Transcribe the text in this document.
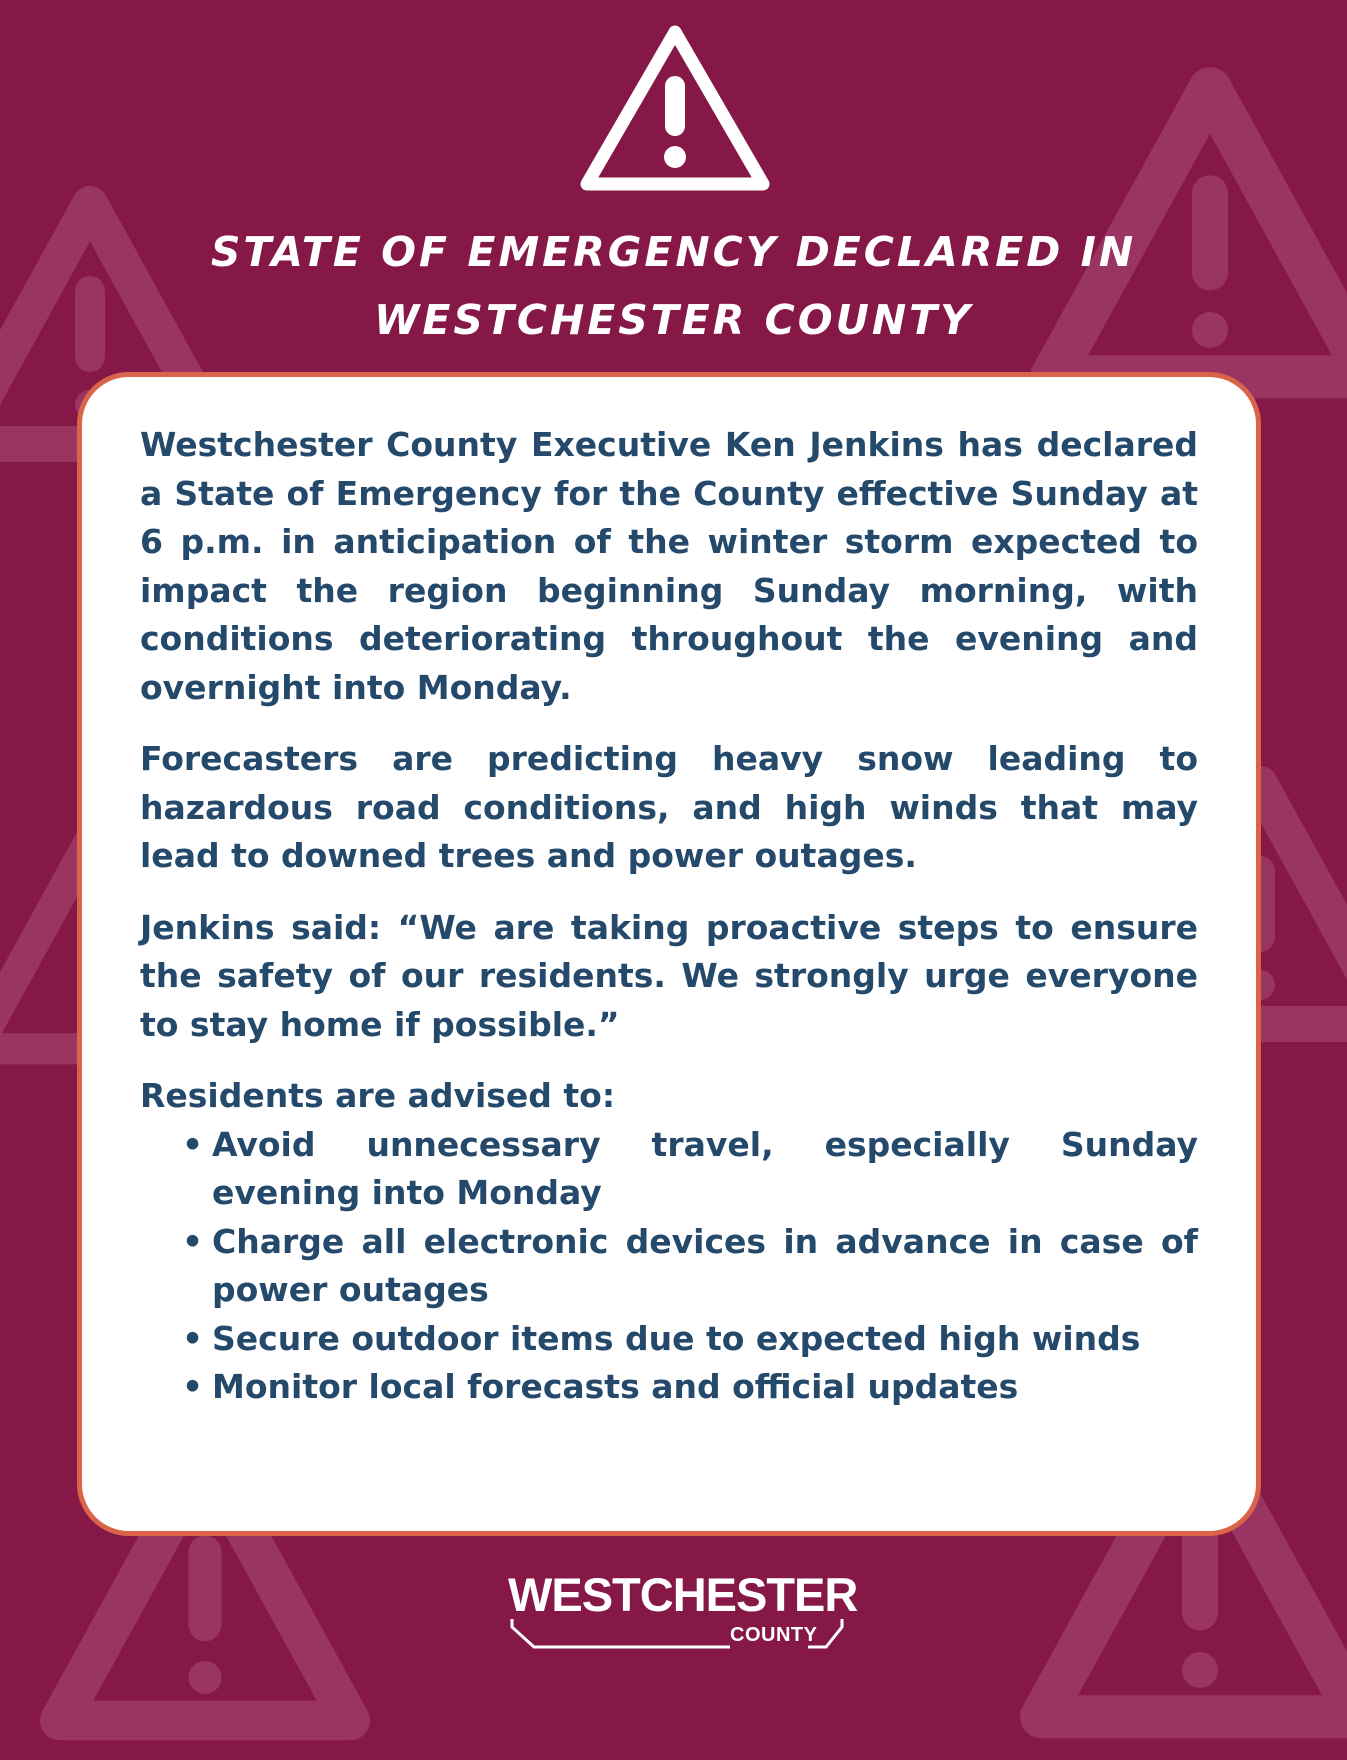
STATE OF EMERGENCY DECLARED IN
WESTCHESTER COUNTY

Westchester County Executive Ken Jenkins has declared a State of Emergency for the County effective Sunday at 6 p.m. in anticipation of the winter storm expected to impact the region beginning Sunday morning, with conditions deteriorating throughout the evening and overnight into Monday.

Forecasters are predicting heavy snow leading to hazardous road conditions, and high winds that may lead to downed trees and power outages.

Jenkins said: “We are taking proactive steps to ensure the safety of our residents. We strongly urge everyone to stay home if possible.”

Residents are advised to:

• Avoid unnecessary travel, especially Sunday evening into Monday
• Charge all electronic devices in advance in case of power outages
• Secure outdoor items due to expected high winds
• Monitor local forecasts and official updates
WESTCHESTER
COUNTY
